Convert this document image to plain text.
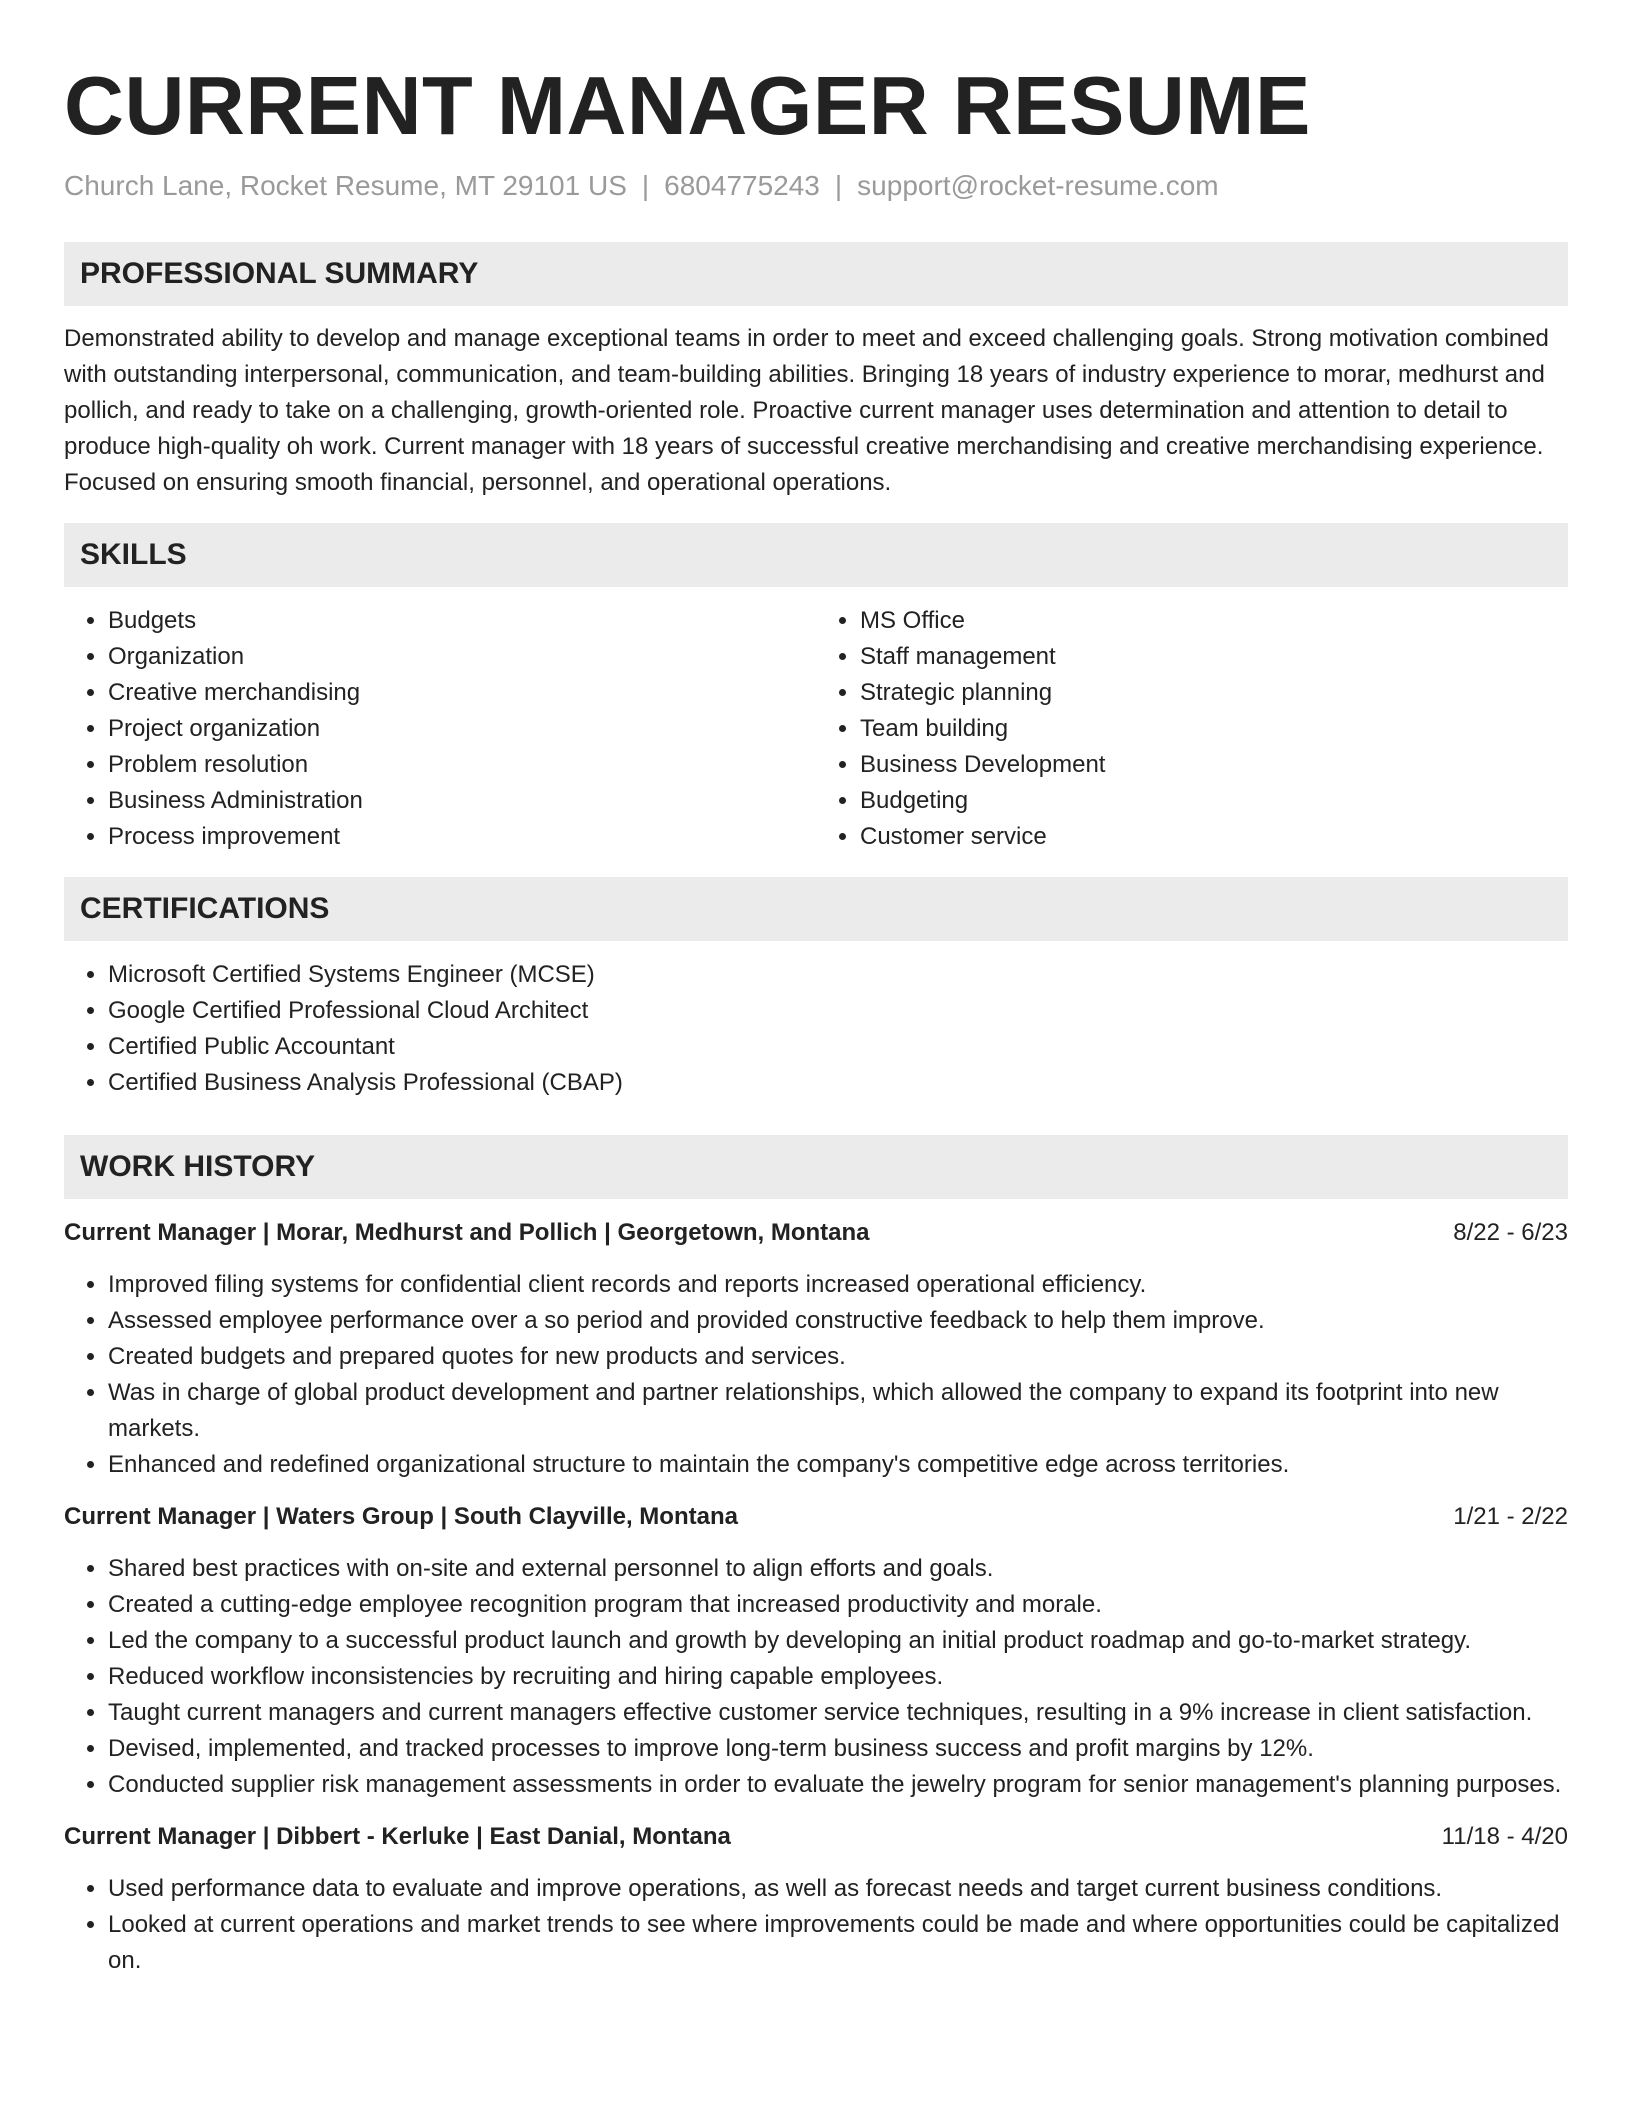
CURRENT MANAGER RESUME
Church Lane, Rocket Resume, MT 29101 US | 6804775243 | support@rocket-resume.com
PROFESSIONAL SUMMARY

Demonstrated ability to develop and manage exceptional teams in order to meet and exceed challenging goals. Strong motivation combined with outstanding interpersonal, communication, and team-building abilities. Bringing 18 years of industry experience to morar, medhurst and pollich, and ready to take on a challenging, growth-oriented role. Proactive current manager uses determination and attention to detail to produce high-quality oh work. Current manager with 18 years of successful creative merchandising and creative merchandising experience. Focused on ensuring smooth financial, personnel, and operational operations.

SKILLS
• Budgets
• Organization
• Creative merchandising
• Project organization
• Problem resolution
• Business Administration
• Process improvement
• MS Office
• Staff management
• Strategic planning
• Team building
• Business Development
• Budgeting
• Customer service
CERTIFICATIONS
• Microsoft Certified Systems Engineer (MCSE)
• Google Certified Professional Cloud Architect
• Certified Public Accountant
• Certified Business Analysis Professional (CBAP)
WORK HISTORY
Current Manager | Morar, Medhurst and Pollich | Georgetown, Montana	8/22 - 6/23
• Improved filing systems for confidential client records and reports increased operational efficiency.
• Assessed employee performance over a so period and provided constructive feedback to help them improve.
• Created budgets and prepared quotes for new products and services.
• Was in charge of global product development and partner relationships, which allowed the company to expand its footprint into new markets.
• Enhanced and redefined organizational structure to maintain the company's competitive edge across territories.
Current Manager | Waters Group | South Clayville, Montana	1/21 - 2/22
• Shared best practices with on-site and external personnel to align efforts and goals.
• Created a cutting-edge employee recognition program that increased productivity and morale.
• Led the company to a successful product launch and growth by developing an initial product roadmap and go-to-market strategy.
• Reduced workflow inconsistencies by recruiting and hiring capable employees.
• Taught current managers and current managers effective customer service techniques, resulting in a 9% increase in client satisfaction.
• Devised, implemented, and tracked processes to improve long-term business success and profit margins by 12%.
• Conducted supplier risk management assessments in order to evaluate the jewelry program for senior management's planning purposes.
Current Manager | Dibbert - Kerluke | East Danial, Montana	11/18 - 4/20
• Used performance data to evaluate and improve operations, as well as forecast needs and target current business conditions.
• Looked at current operations and market trends to see where improvements could be made and where opportunities could be capitalized on.
